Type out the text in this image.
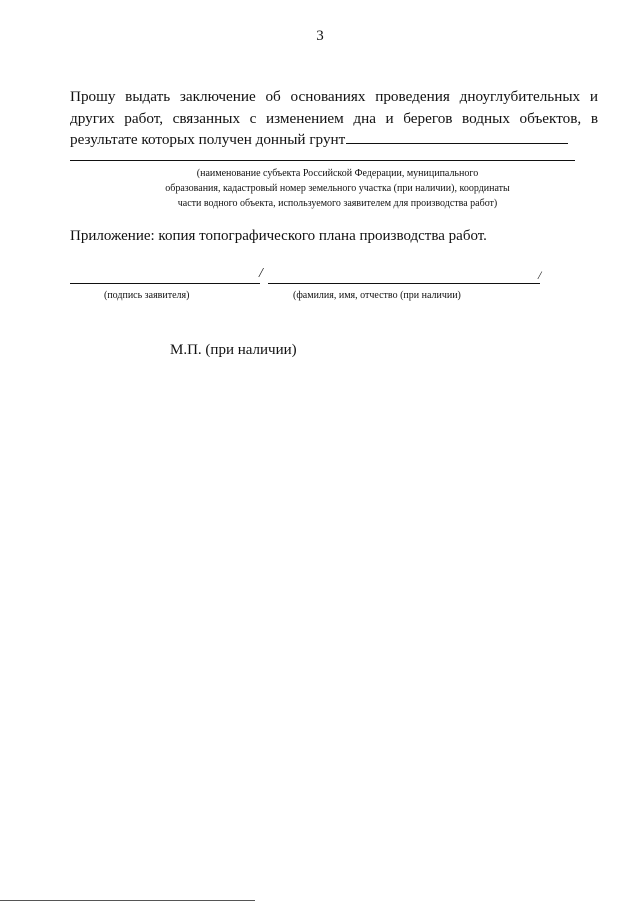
3
Прошу выдать заключение об основаниях проведения дноуглубительных и других работ, связанных с изменением дна и берегов водных объектов, в результате которых получен донный грунт
(наименование субъекта Российской Федерации, муниципального
образования, кадастровый номер земельного участка (при наличии), координаты
части водного объекта, используемого заявителем для производства работ)
Приложение: копия топографического плана производства работ.
/	/
(подпись заявителя)	(фамилия, имя, отчество (при наличии)
М.П. (при наличии)
